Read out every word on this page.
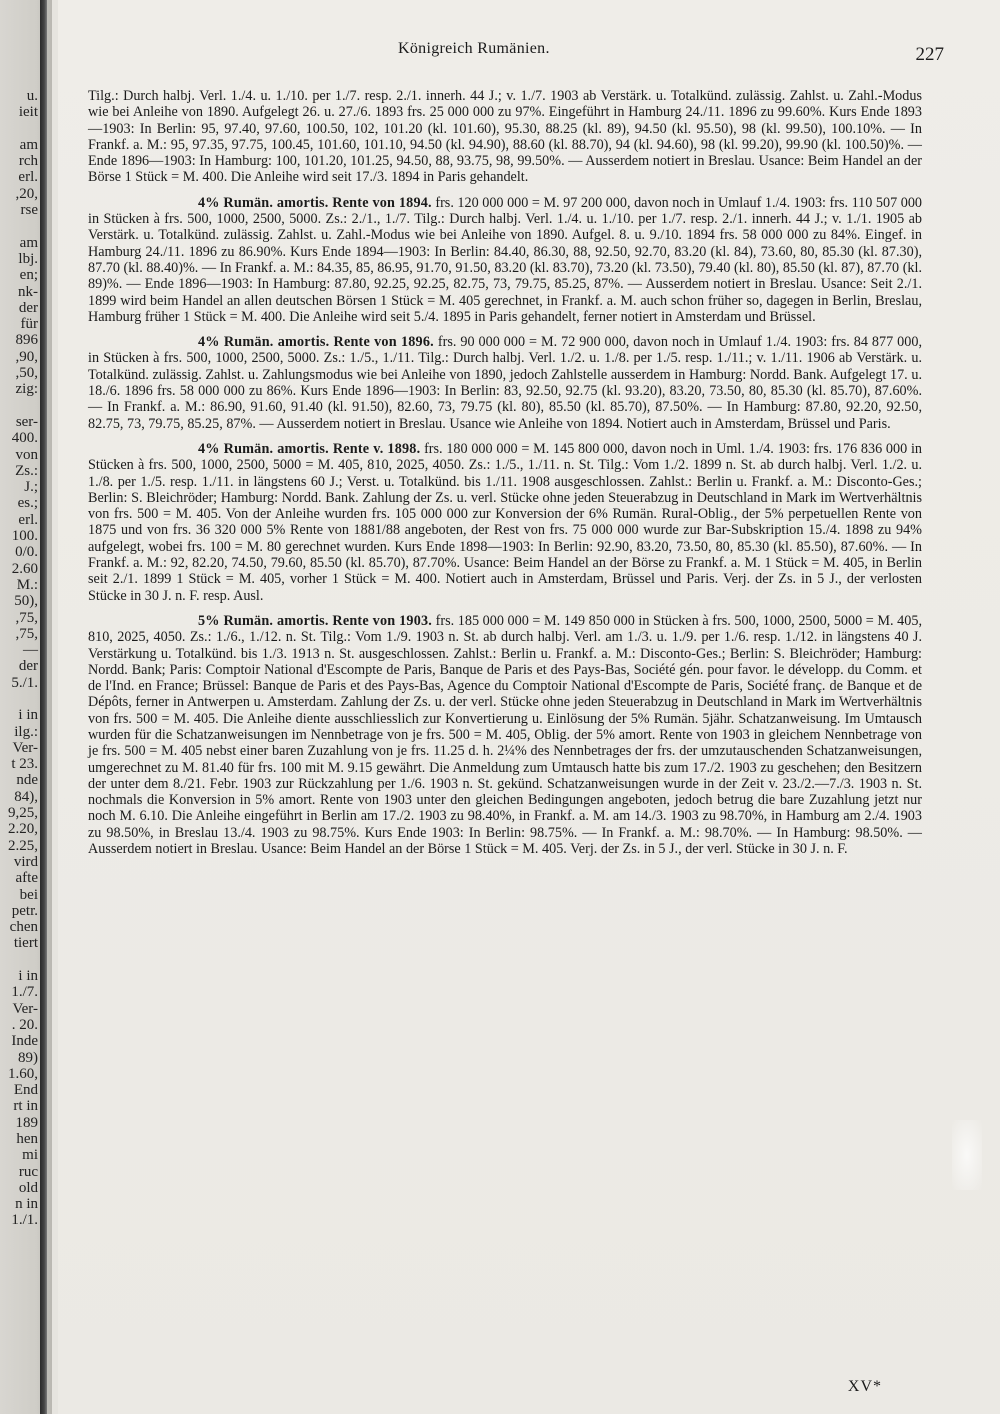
u.
ieit

am
rch
erl.
,20,
rse

am
lbj.
en;
nk-
der
für
896
,90,
,50,
zig:

ser-
400.
von
Zs.:
J.;
es.;
erl.
100.
0/0.
2.60
M.:
50),
,75,
,75,
—
der
5./1.

i in
ilg.:
Ver-
t 23.
nde
84),
9,25,
2.20,
2.25,
vird
afte
bei
petr.
chen
tiert

i in
1./7.
Ver-
. 20.
Inde
89)
1.60,
End
rt in
189
hen
mi
ruc
old
n in
1./1.
Königreich Rumänien.	227

Tilg.: Durch halbj. Verl. 1./4. u. 1./10. per 1./7. resp. 2./1. innerh. 44 J.; v. 1./7. 1903 ab Verstärk. u. Totalkünd. zulässig. Zahlst. u. Zahl.-Modus wie bei Anleihe von 1890. Aufgelegt 26. u. 27./6. 1893 frs. 25 000 000 zu 97%. Eingeführt in Hamburg 24./11. 1896 zu 99.60%. Kurs Ende 1893—1903: In Berlin: 95, 97.40, 97.60, 100.50, 102, 101.20 (kl. 101.60), 95.30, 88.25 (kl. 89), 94.50 (kl. 95.50), 98 (kl. 99.50), 100.10%. — In Frankf. a. M.: 95, 97.35, 97.75, 100.45, 101.60, 101.10, 94.50 (kl. 94.90), 88.60 (kl. 88.70), 94 (kl. 94.60), 98 (kl. 99.20), 99.90 (kl. 100.50)%. — Ende 1896—1903: In Hamburg: 100, 101.20, 101.25, 94.50, 88, 93.75, 98, 99.50%. — Ausserdem notiert in Breslau. Usance: Beim Handel an der Börse 1 Stück = M. 400. Die Anleihe wird seit 17./3. 1894 in Paris gehandelt.

4% Rumän. amortis. Rente von 1894. frs. 120 000 000 = M. 97 200 000, davon noch in Umlauf 1./4. 1903: frs. 110 507 000 in Stücken à frs. 500, 1000, 2500, 5000. Zs.: 2./1., 1./7. Tilg.: Durch halbj. Verl. 1./4. u. 1./10. per 1./7. resp. 2./1. innerh. 44 J.; v. 1./1. 1905 ab Verstärk. u. Totalkünd. zulässig. Zahlst. u. Zahl.-Modus wie bei Anleihe von 1890. Aufgel. 8. u. 9./10. 1894 frs. 58 000 000 zu 84%. Eingef. in Hamburg 24./11. 1896 zu 86.90%. Kurs Ende 1894—1903: In Berlin: 84.40, 86.30, 88, 92.50, 92.70, 83.20 (kl. 84), 73.60, 80, 85.30 (kl. 87.30), 87.70 (kl. 88.40)%. — In Frankf. a. M.: 84.35, 85, 86.95, 91.70, 91.50, 83.20 (kl. 83.70), 73.20 (kl. 73.50), 79.40 (kl. 80), 85.50 (kl. 87), 87.70 (kl. 89)%. — Ende 1896—1903: In Hamburg: 87.80, 92.25, 92.25, 82.75, 73, 79.75, 85.25, 87%. — Ausserdem notiert in Breslau. Usance: Seit 2./1. 1899 wird beim Handel an allen deutschen Börsen 1 Stück = M. 405 gerechnet, in Frankf. a. M. auch schon früher so, dagegen in Berlin, Breslau, Hamburg früher 1 Stück = M. 400. Die Anleihe wird seit 5./4. 1895 in Paris gehandelt, ferner notiert in Amsterdam und Brüssel.
4% Rumän. amortis. Rente von 1896. frs. 90 000 000 = M. 72 900 000, davon noch in Umlauf 1./4. 1903: frs. 84 877 000, in Stücken à frs. 500, 1000, 2500, 5000. Zs.: 1./5., 1./11. Tilg.: Durch halbj. Verl. 1./2. u. 1./8. per 1./5. resp. 1./11.; v. 1./11. 1906 ab Verstärk. u. Totalkünd. zulässig. Zahlst. u. Zahlungsmodus wie bei Anleihe von 1890, jedoch Zahlstelle ausserdem in Hamburg: Nordd. Bank. Aufgelegt 17. u. 18./6. 1896 frs. 58 000 000 zu 86%. Kurs Ende 1896—1903: In Berlin: 83, 92.50, 92.75 (kl. 93.20), 83.20, 73.50, 80, 85.30 (kl. 85.70), 87.60%. — In Frankf. a. M.: 86.90, 91.60, 91.40 (kl. 91.50), 82.60, 73, 79.75 (kl. 80), 85.50 (kl. 85.70), 87.50%. — In Hamburg: 87.80, 92.20, 92.50, 82.75, 73, 79.75, 85.25, 87%. — Ausserdem notiert in Breslau. Usance wie Anleihe von 1894. Notiert auch in Amsterdam, Brüssel und Paris.
4% Rumän. amortis. Rente v. 1898. frs. 180 000 000 = M. 145 800 000, davon noch in Uml. 1./4. 1903: frs. 176 836 000 in Stücken à frs. 500, 1000, 2500, 5000 = M. 405, 810, 2025, 4050. Zs.: 1./5., 1./11. n. St. Tilg.: Vom 1./2. 1899 n. St. ab durch halbj. Verl. 1./2. u. 1./8. per 1./5. resp. 1./11. in längstens 60 J.; Verst. u. Totalkünd. bis 1./11. 1908 ausgeschlossen. Zahlst.: Berlin u. Frankf. a. M.: Disconto-Ges.; Berlin: S. Bleichröder; Hamburg: Nordd. Bank. Zahlung der Zs. u. verl. Stücke ohne jeden Steuerabzug in Deutschland in Mark im Wertverhältnis von frs. 500 = M. 405. Von der Anleihe wurden frs. 105 000 000 zur Konversion der 6% Rumän. Rural-Oblig., der 5% perpetuellen Rente von 1875 und von frs. 36 320 000 5% Rente von 1881/88 angeboten, der Rest von frs. 75 000 000 wurde zur Bar-Subskription 15./4. 1898 zu 94% aufgelegt, wobei frs. 100 = M. 80 gerechnet wurden. Kurs Ende 1898—1903: In Berlin: 92.90, 83.20, 73.50, 80, 85.30 (kl. 85.50), 87.60%. — In Frankf. a. M.: 92, 82.20, 74.50, 79.60, 85.50 (kl. 85.70), 87.70%. Usance: Beim Handel an der Börse zu Frankf. a. M. 1 Stück = M. 405, in Berlin seit 2./1. 1899 1 Stück = M. 405, vorher 1 Stück = M. 400. Notiert auch in Amsterdam, Brüssel und Paris. Verj. der Zs. in 5 J., der verlosten Stücke in 30 J. n. F. resp. Ausl.
5% Rumän. amortis. Rente von 1903. frs. 185 000 000 = M. 149 850 000 in Stücken à frs. 500, 1000, 2500, 5000 = M. 405, 810, 2025, 4050. Zs.: 1./6., 1./12. n. St. Tilg.: Vom 1./9. 1903 n. St. ab durch halbj. Verl. am 1./3. u. 1./9. per 1./6. resp. 1./12. in längstens 40 J. Verstärkung u. Totalkünd. bis 1./3. 1913 n. St. ausgeschlossen. Zahlst.: Berlin u. Frankf. a. M.: Disconto-Ges.; Berlin: S. Bleichröder; Hamburg: Nordd. Bank; Paris: Comptoir National d'Escompte de Paris, Banque de Paris et des Pays-Bas, Société gén. pour favor. le développ. du Comm. et de l'Ind. en France; Brüssel: Banque de Paris et des Pays-Bas, Agence du Comptoir National d'Escompte de Paris, Société franç. de Banque et de Dépôts, ferner in Antwerpen u. Amsterdam. Zahlung der Zs. u. der verl. Stücke ohne jeden Steuerabzug in Deutschland in Mark im Wertverhältnis von frs. 500 = M. 405. Die Anleihe diente ausschliesslich zur Konvertierung u. Einlösung der 5% Rumän. 5jähr. Schatzanweisung. Im Umtausch wurden für die Schatzanweisungen im Nennbetrage von je frs. 500 = M. 405, Oblig. der 5% amort. Rente von 1903 in gleichem Nennbetrage von je frs. 500 = M. 405 nebst einer baren Zuzahlung von je frs. 11.25 d. h. 2¼% des Nennbetrages der frs. der umzutauschenden Schatzanweisungen, umgerechnet zu M. 81.40 für frs. 100 mit M. 9.15 gewährt. Die Anmeldung zum Umtausch hatte bis zum 17./2. 1903 zu geschehen; den Besitzern der unter dem 8./21. Febr. 1903 zur Rückzahlung per 1./6. 1903 n. St. gekünd. Schatzanweisungen wurde in der Zeit v. 23./2.—7./3. 1903 n. St. nochmals die Konversion in 5% amort. Rente von 1903 unter den gleichen Bedingungen angeboten, jedoch betrug die bare Zuzahlung jetzt nur noch M. 6.10. Die Anleihe eingeführt in Berlin am 17./2. 1903 zu 98.40%, in Frankf. a. M. am 14./3. 1903 zu 98.70%, in Hamburg am 2./4. 1903 zu 98.50%, in Breslau 13./4. 1903 zu 98.75%. Kurs Ende 1903: In Berlin: 98.75%. — In Frankf. a. M.: 98.70%. — In Hamburg: 98.50%. — Ausserdem notiert in Breslau. Usance: Beim Handel an der Börse 1 Stück = M. 405. Verj. der Zs. in 5 J., der verl. Stücke in 30 J. n. F.
XV*
